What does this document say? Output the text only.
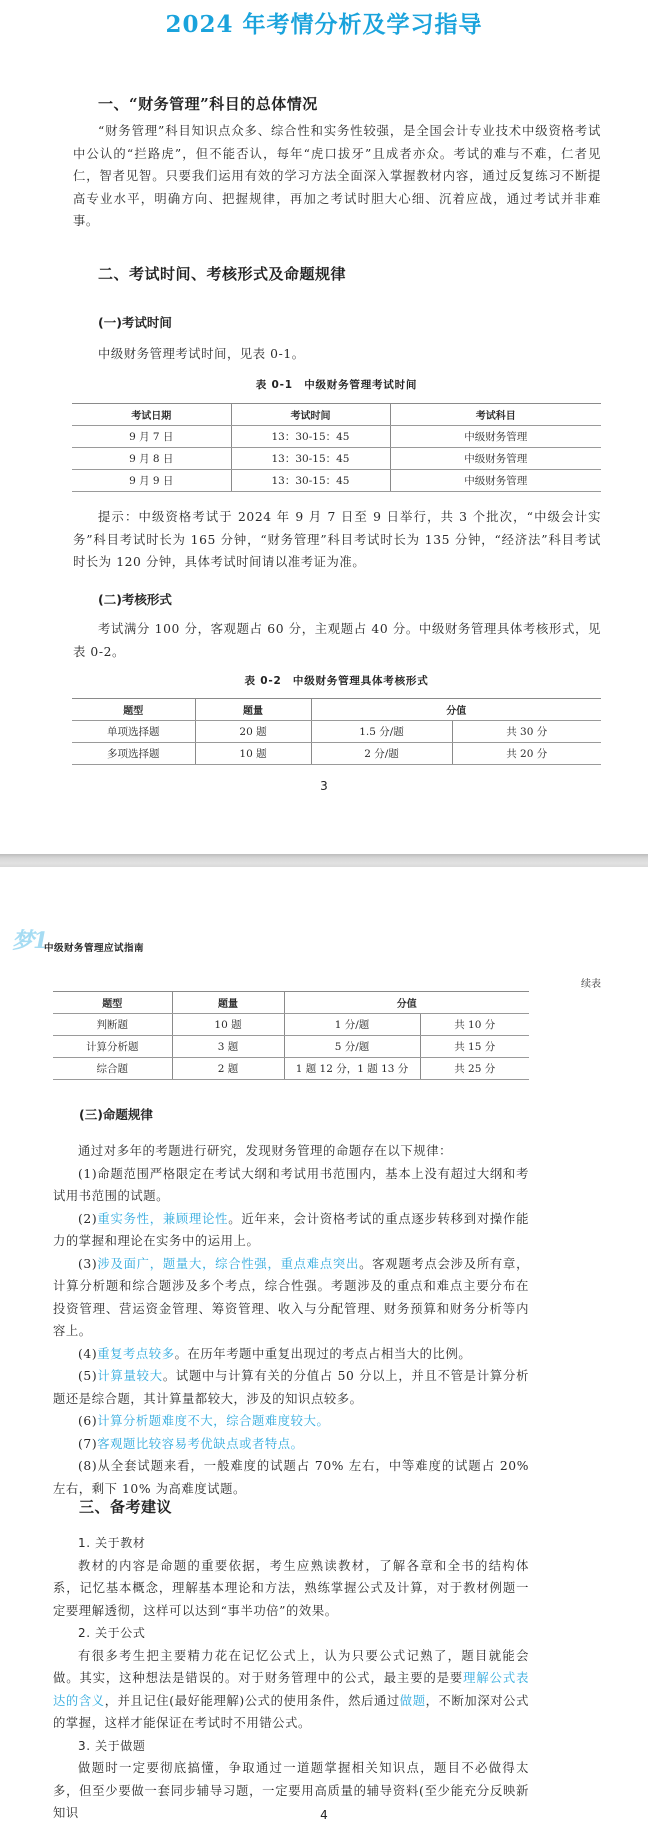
2024 年考情分析及学习指导
一、“财务管理”科目的总体情况

“财务管理”科目知识点众多、综合性和实务性较强，是全国会计专业技术中级资格考试中公认的“拦路虎”，但不能否认，每年“虎口拔牙”且成者亦众。考试的难与不难，仁者见仁，智者见智。只要我们运用有效的学习方法全面深入掌握教材内容，通过反复练习不断提高专业水平，明确方向、把握规律，再加之考试时胆大心细、沉着应战，通过考试并非难事。

二、考试时间、考核形式及命题规律
(一)考试时间

中级财务管理考试时间，见表 0-1。

表 0-1　中级财务管理考试时间
考试日期	考试时间	考试科目
9 月 7 日	13：30-15：45	中级财务管理
9 月 8 日	13：30-15：45	中级财务管理
9 月 9 日	13：30-15：45	中级财务管理

提示：中级资格考试于 2024 年 9 月 7 日至 9 日举行，共 3 个批次，“中级会计实务”科目考试时长为 165 分钟，“财务管理”科目考试时长为 135 分钟，“经济法”科目考试时长为 120 分钟，具体考试时间请以准考证为准。

(二)考核形式

考试满分 100 分，客观题占 60 分，主观题占 40 分。中级财务管理具体考核形式，见表 0-2。

表 0-2　中级财务管理具体考核形式
题型	题量	分值	
单项选择题	20 题	1.5 分/题	共 30 分
多项选择题	10 题	2 分/题	共 20 分
3
梦1
中级财务管理应试指南
续表
题型	题量	分值	
判断题	10 题	1 分/题	共 10 分
计算分析题	3 题	5 分/题	共 15 分
综合题	2 题	1 题 12 分，1 题 13 分	共 25 分
(三)命题规律

通过对多年的考题进行研究，发现财务管理的命题存在以下规律：

(1)命题范围严格限定在考试大纲和考试用书范围内，基本上没有超过大纲和考试用书范围的试题。

(2)重实务性，兼顾理论性。近年来，会计资格考试的重点逐步转移到对操作能力的掌握和理论在实务中的运用上。

(3)涉及面广，题量大，综合性强，重点难点突出。客观题考点会涉及所有章，计算分析题和综合题涉及多个考点，综合性强。考题涉及的重点和难点主要分布在投资管理、营运资金管理、筹资管理、收入与分配管理、财务预算和财务分析等内容上。

(4)重复考点较多。在历年考题中重复出现过的考点占相当大的比例。

(5)计算量较大。试题中与计算有关的分值占 50 分以上，并且不管是计算分析题还是综合题，其计算量都较大，涉及的知识点较多。

(6)计算分析题难度不大，综合题难度较大。

(7)客观题比较容易考优缺点或者特点。

(8)从全套试题来看，一般难度的试题占 70% 左右，中等难度的试题占 20% 左右，剩下 10% 为高难度试题。

三、备考建议

1. 关于教材

教材的内容是命题的重要依据，考生应熟读教材，了解各章和全书的结构体系，记忆基本概念，理解基本理论和方法，熟练掌握公式及计算，对于教材例题一定要理解透彻，这样可以达到“事半功倍”的效果。

2. 关于公式

有很多考生把主要精力花在记忆公式上，认为只要公式记熟了，题目就能会做。其实，这种想法是错误的。对于财务管理中的公式，最主要的是要理解公式表达的含义，并且记住(最好能理解)公式的使用条件，然后通过做题，不断加深对公式的掌握，这样才能保证在考试时不用错公式。

3. 关于做题

做题时一定要彻底搞懂，争取通过一道题掌握相关知识点，题目不必做得太多，但至少要做一套同步辅导习题，一定要用高质量的辅导资料(至少能充分反映新知识	4
